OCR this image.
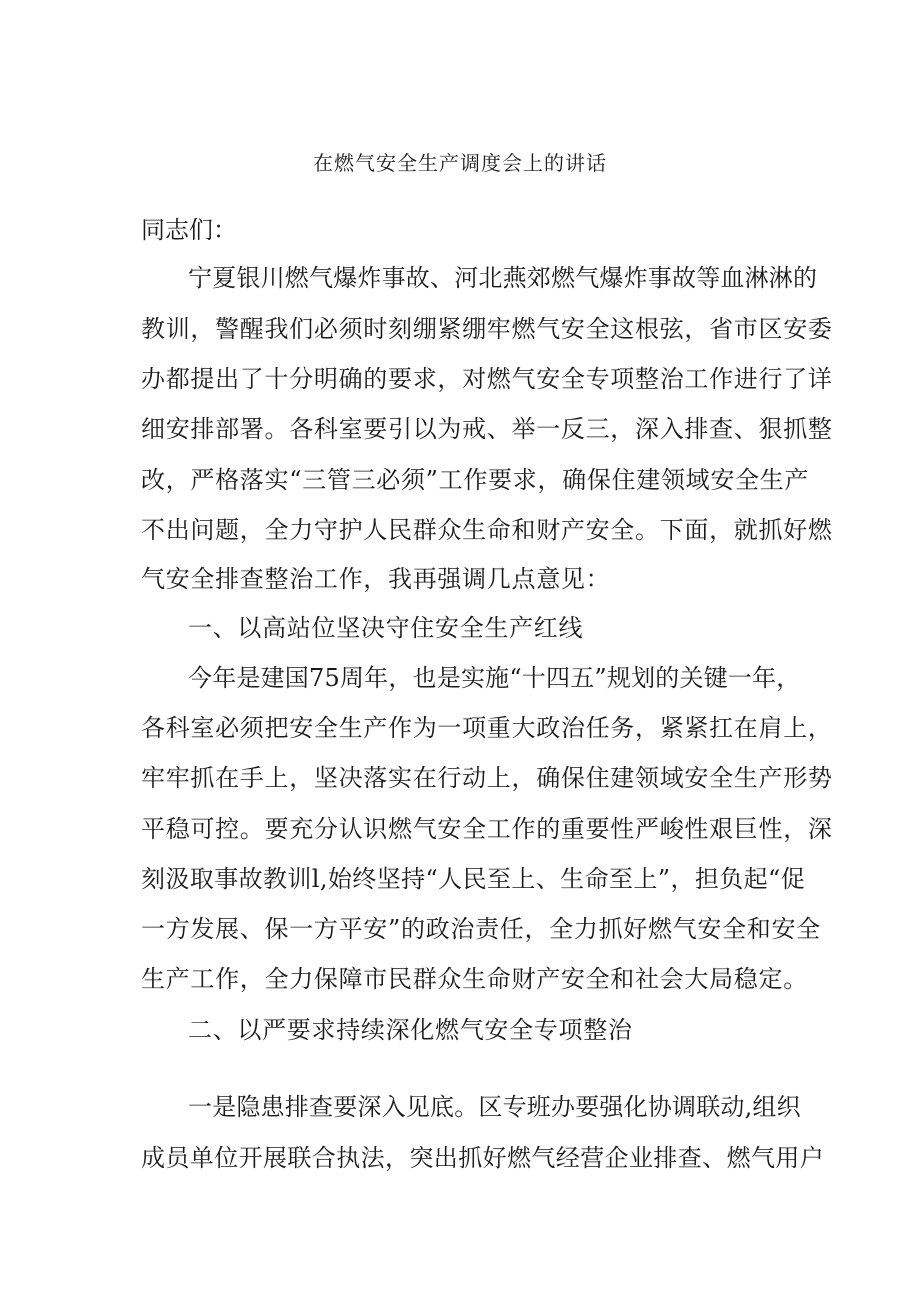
在燃气安全生产调度会上的讲话
同志们：
宁夏银川燃气爆炸事故、河北燕郊燃气爆炸事故等血淋淋的
教训，警醒我们必须时刻绷紧绷牢燃气安全这根弦，省市区安委
办都提出了十分明确的要求，对燃气安全专项整治工作进行了详
细安排部署。各科室要引以为戒、举一反三，深入排查、狠抓整
改，严格落实“三管三必须”工作要求，确保住建领域安全生产
不出问题，全力守护人民群众生命和财产安全。下面，就抓好燃
气安全排查整治工作，我再强调几点意见：
一、以高站位坚决守住安全生产红线
今年是建国75周年，也是实施“十四五”规划的关键一年，
各科室必须把安全生产作为一项重大政治任务，紧紧扛在肩上，
牢牢抓在手上，坚决落实在行动上，确保住建领域安全生产形势
平稳可控。要充分认识燃气安全工作的重要性严峻性艰巨性，深
刻汲取事故教训l,始终坚持“人民至上、生命至上”，担负起“促
一方发展、保一方平安”的政治责任，全力抓好燃气安全和安全
生产工作，全力保障市民群众生命财产安全和社会大局稳定。
二、以严要求持续深化燃气安全专项整治
一是隐患排查要深入见底。区专班办要强化协调联动,组织
成员单位开展联合执法，突出抓好燃气经营企业排查、燃气用户
